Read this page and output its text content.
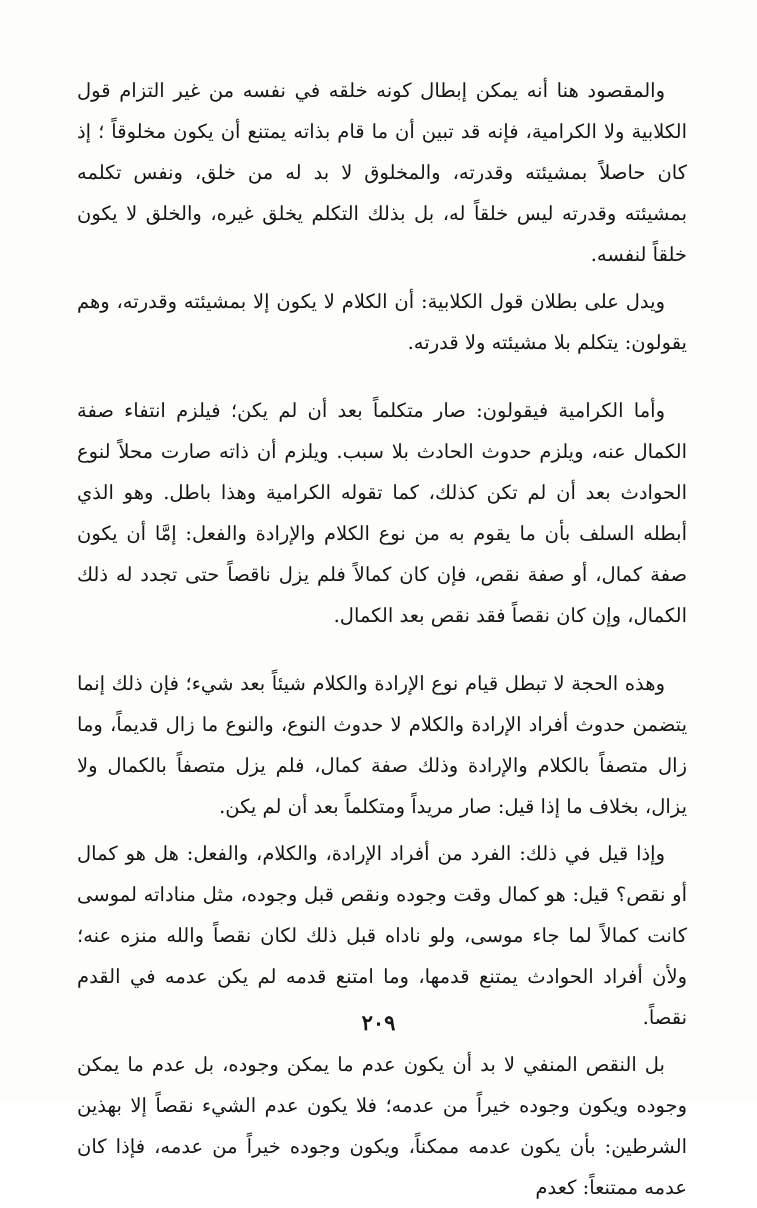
والمقصود هنا أنه يمكن إبطال كونه خلقه في نفسه من غير التزام قول الكلابية ولا الكرامية، فإنه قد تبين أن ما قام بذاته يمتنع أن يكون مخلوقاً ؛ إذ كان حاصلاً بمشيئته وقدرته، والمخلوق لا بد له من خلق، ونفس تكلمه بمشيئته وقدرته ليس خلقاً له، بل بذلك التكلم يخلق غيره، والخلق لا يكون خلقاً لنفسه.

ويدل على بطلان قول الكلابية: أن الكلام لا يكون إلا بمشيئته وقدرته، وهم يقولون: يتكلم بلا مشيئته ولا قدرته.

وأما الكرامية فيقولون: صار متكلماً بعد أن لم يكن؛ فيلزم انتفاء صفة الكمال عنه، ويلزم حدوث الحادث بلا سبب. ويلزم أن ذاته صارت محلاً لنوع الحوادث بعد أن لم تكن كذلك، كما تقوله الكرامية وهذا باطل. وهو الذي أبطله السلف بأن ما يقوم به من نوع الكلام والإرادة والفعل: إمَّا أن يكون صفة كمال، أو صفة نقص، فإن كان كمالاً فلم يزل ناقصاً حتى تجدد له ذلك الكمال، وإن كان نقصاً فقد نقص بعد الكمال.

وهذه الحجة لا تبطل قيام نوع الإرادة والكلام شيئاً بعد شيء؛ فإن ذلك إنما يتضمن حدوث أفراد الإرادة والكلام لا حدوث النوع، والنوع ما زال قديماً، وما زال متصفاً بالكلام والإرادة وذلك صفة كمال، فلم يزل متصفاً بالكمال ولا يزال، بخلاف ما إذا قيل: صار مريداً ومتكلماً بعد أن لم يكن.

وإذا قيل في ذلك: الفرد من أفراد الإرادة، والكلام، والفعل: هل هو كمال أو نقص؟ قيل: هو كمال وقت وجوده ونقص قبل وجوده، مثل مناداته لموسى كانت كمالاً لما جاء موسى، ولو ناداه قبل ذلك لكان نقصاً والله منزه عنه؛ ولأن أفراد الحوادث يمتنع قدمها، وما امتنع قدمه لم يكن عدمه في القدم نقصاً.

بل النقص المنفي لا بد أن يكون عدم ما يمكن وجوده، بل عدم ما يمكن وجوده ويكون وجوده خيراً من عدمه؛ فلا يكون عدم الشيء نقصاً إلا بهذين الشرطين: بأن يكون عدمه ممكناً، ويكون وجوده خيراً من عدمه، فإذا كان عدمه ممتنعاً: كعدم

٢٠٩
